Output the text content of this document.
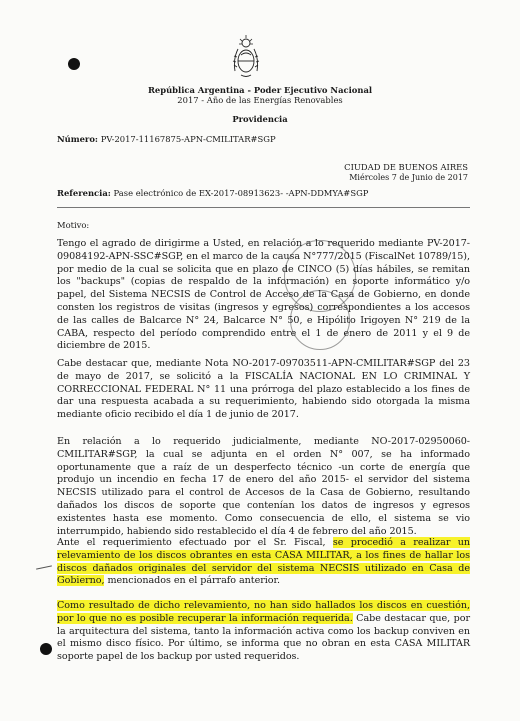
República Argentina - Poder Ejecutivo Nacional
2017 - Año de las Energías Renovables
Providencia
Número: PV-2017-11167875-APN-CMILITAR#SGP
CIUDAD DE BUENOS AIRES
Miércoles 7 de Junio de 2017
Referencia: Pase electrónico de EX-2017-08913623- -APN-DDMYA#SGP
Motivo:
Tengo el agrado de dirigirme a Usted, en relación a lo requerido mediante PV-2017-09084192-APN-SSC#SGP, en el marco de la causa N°777/2015 (FiscalNet 10789/15), por medio de la cual se solicita que en plazo de CINCO (5) días hábiles, se remitan los "backups" (copias de respaldo de la información) en soporte informático y/o papel, del Sistema NECSIS de Control de Acceso de la Casa de Gobierno, en donde consten los registros de visitas (ingresos y egresos) correspondientes a los accesos de las calles de Balcarce N° 24, Balcarce N° 50, e Hipólito Irigoyen N° 219 de la CABA, respecto del período comprendido entre el 1 de enero de 2011 y el 9 de diciembre de 2015.
Cabe destacar que, mediante Nota NO-2017-09703511-APN-CMILITAR#SGP del 23 de mayo de 2017, se solicitó a la FISCALÍA NACIONAL EN LO CRIMINAL Y CORRECCIONAL FEDERAL N° 11 una prórroga del plazo establecido a los fines de dar una respuesta acabada a su requerimiento, habiendo sido otorgada la misma mediante oficio recibido el día 1 de junio de 2017.
En relación a lo requerido judicialmente, mediante NO-2017-02950060-CMILITAR#SGP, la cual se adjunta en el orden N° 007, se ha informado oportunamente que a raíz de un desperfecto técnico -un corte de energía que produjo un incendio en fecha 17 de enero del año 2015- el servidor del sistema NECSIS utilizado para el control de Accesos de la Casa de Gobierno, resultando dañados los discos de soporte que contenían los datos de ingresos y egresos existentes hasta ese momento. Como consecuencia de ello, el sistema se vio interrumpido, habiendo sido restablecido el día 4 de febrero del año 2015.
Ante el requerimiento efectuado por el Sr. Fiscal, se procedió a realizar un relevamiento de los discos obrantes en esta CASA MILITAR, a los fines de hallar los discos dañados originales del servidor del sistema NECSIS utilizado en Casa de Gobierno, mencionados en el párrafo anterior.
Como resultado de dicho relevamiento, no han sido hallados los discos en cuestión, por lo que no es posible recuperar la información requerida. Cabe destacar que, por la arquitectura del sistema, tanto la información activa como los backup conviven en el mismo disco físico. Por último, se informa que no obran en esta CASA MILITAR soporte papel de los backup por usted requeridos.
